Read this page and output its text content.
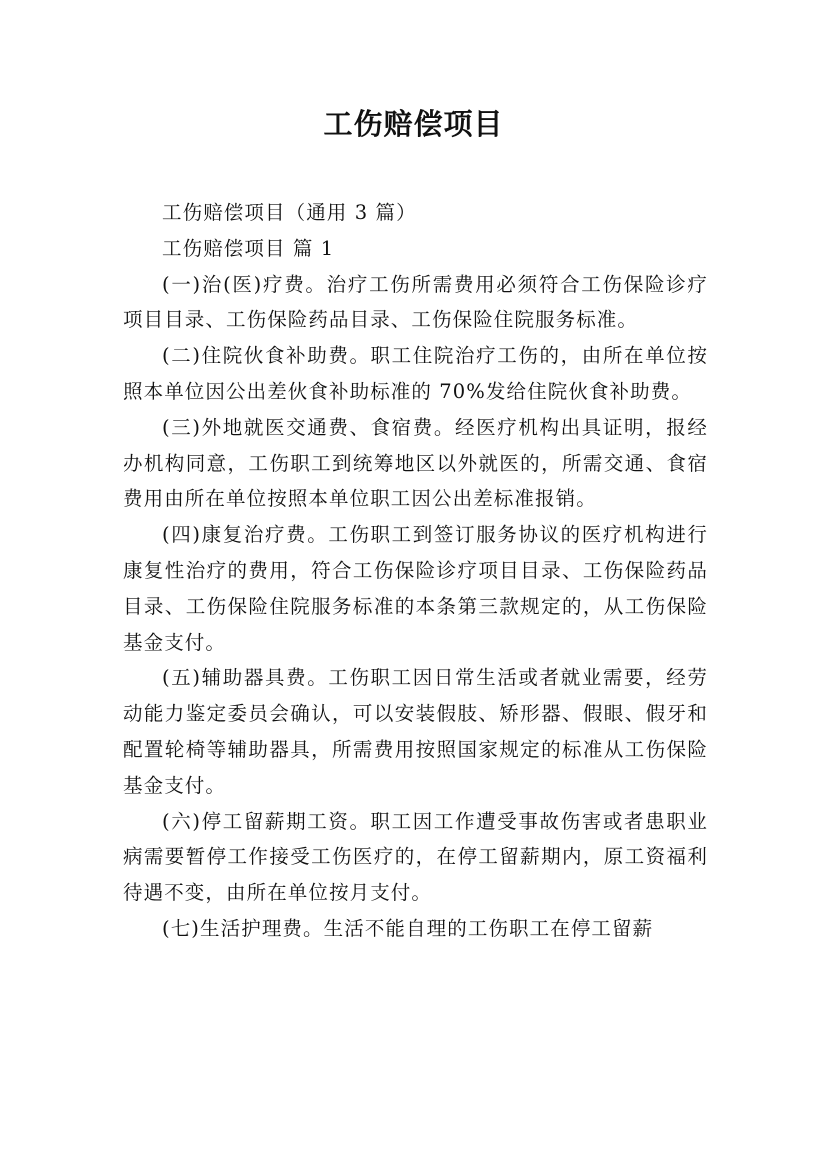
工伤赔偿项目

工伤赔偿项目（通用 3 篇）

工伤赔偿项目 篇 1

(一)治(医)疗费。治疗工伤所需费用必须符合工伤保险诊疗项目目录、工伤保险药品目录、工伤保险住院服务标准。

(二)住院伙食补助费。职工住院治疗工伤的，由所在单位按照本单位因公出差伙食补助标准的 70%发给住院伙食补助费。

(三)外地就医交通费、食宿费。经医疗机构出具证明，报经办机构同意，工伤职工到统筹地区以外就医的，所需交通、食宿费用由所在单位按照本单位职工因公出差标准报销。

(四)康复治疗费。工伤职工到签订服务协议的医疗机构进行康复性治疗的费用，符合工伤保险诊疗项目目录、工伤保险药品目录、工伤保险住院服务标准的本条第三款规定的，从工伤保险基金支付。

(五)辅助器具费。工伤职工因日常生活或者就业需要，经劳动能力鉴定委员会确认，可以安装假肢、矫形器、假眼、假牙和配置轮椅等辅助器具，所需费用按照国家规定的标准从工伤保险基金支付。

(六)停工留薪期工资。职工因工作遭受事故伤害或者患职业病需要暂停工作接受工伤医疗的，在停工留薪期内，原工资福利待遇不变，由所在单位按月支付。

(七)生活护理费。生活不能自理的工伤职工在停工留薪
